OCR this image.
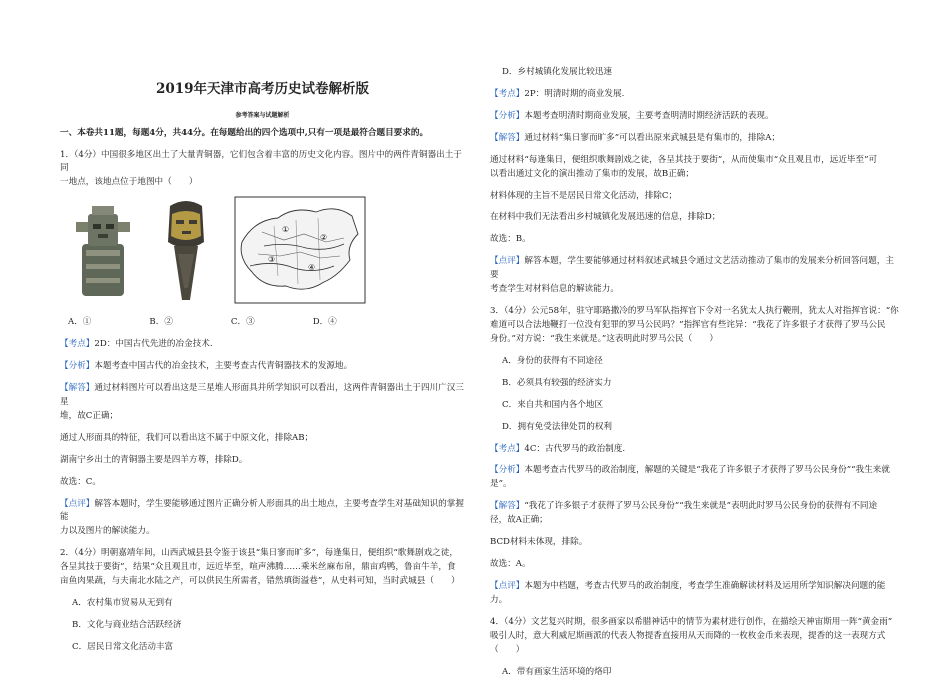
2019年天津市高考历史试卷解析版
参考答案与试题解析
一、本卷共11题，每题4分，共44分。在每题给出的四个选项中,只有一项是最符合题目要求的。

1．（4分）中国很多地区出土了大量青铜器，它们包含着丰富的历史文化内容。图片中的两件青铜器出土于同
一地点，该地点位于地图中（　　）

①
②
③
④
A．①	B．②	C．③	D．④

【考点】2D：中国古代先进的冶金技术.

【分析】本题考查中国古代的冶金技术，主要考查古代青铜器技术的发源地。

【解答】通过材料图片可以看出这是三星堆人形面具并所学知识可以看出，这两件青铜器出土于四川广汉三星
堆，故C正确；

通过人形面具的特征，我们可以看出这不属于中原文化，排除AB；

湖南宁乡出土的青铜器主要是四羊方尊，排除D。

故选：C。

【点评】解答本题时，学生要能够通过图片正确分析人形面具的出土地点，主要考查学生对基础知识的掌握能
力以及图片的解读能力。

2．（4分）明朝嘉靖年间，山西武城县县令鉴于该县“集日寥而旷多”，每逢集日，便组织“歌舞剧戏之徒，
各呈其技于要街”，结果“众且观且市，远近毕至，喧声沸腾……乘米丝麻布帛，鼎亩鸡鸭，鲁亩牛羊，食
亩鱼肉果蔬，与夫南北水陆之产，可以供民生所需者，错然填街溢巷”，从史料可知，当时武城县（　　）

A．农村集市贸易从无到有

B．文化与商业结合活跃经济

C．居民日常文化活动丰富

D．乡村城镇化发展比较迅速

【考点】2P：明清时期的商业发展.

【分析】本题考查明清时期商业发展，主要考查明清时期经济活跃的表现。

【解答】通过材料“集日寥而旷多”可以看出原来武城县是有集市的，排除A；

通过材料“每逢集日，便组织歌舞剧戏之徒，各呈其技于要街”，从而使集市“众且观且市，远近毕至”可
以看出通过文化的演出推动了集市的发展，故B正确；

材料体现的主旨不是居民日常文化活动，排除C；

在材料中我们无法看出乡村城镇化发展迅速的信息，排除D；

故选：B。

【点评】解答本题，学生要能够通过材料叙述武城县令通过文艺活动推动了集市的发展来分析回答问题，主要
考查学生对材料信息的解读能力。

3．（4分）公元58年，驻守耶路撒冷的罗马军队指挥官下令对一名犹太人执行鞭刑，犹太人对指挥官说：“你
难道可以合法地鞭打一位没有犯罪的罗马公民吗？”指挥官有些诧异：“我花了许多银子才获得了罗马公民
身份。”对方说：“我生来就是。”这表明此时罗马公民（　　）

A．身份的获得有不同途径

B．必须具有较强的经济实力

C．来自共和国内各个地区

D．拥有免受法律处罚的权利

【考点】4C：古代罗马的政治制度.

【分析】本题考查古代罗马的政治制度，解题的关键是“我花了许多银子才获得了罗马公民身份”“我生来就
是”。

【解答】“我花了许多银子才获得了罗马公民身份”“我生来就是”表明此时罗马公民身份的获得有不同途
径，故A正确；

BCD材料未体现，排除。

故选：A。

【点评】本题为中档题，考查古代罗马的政治制度，考查学生准确解读材料及运用所学知识解决问题的能力。

4．（4分）文艺复兴时期，很多画家以希腊神话中的情节为素材进行创作，在描绘天神宙斯用一阵“黄金雨”
吸引人时，意大利威尼斯画派的代表人物提香直接用从天而降的一枚枚金币来表现，提香的这一表现方式
（　　）

A．带有画家生活环境的烙印
